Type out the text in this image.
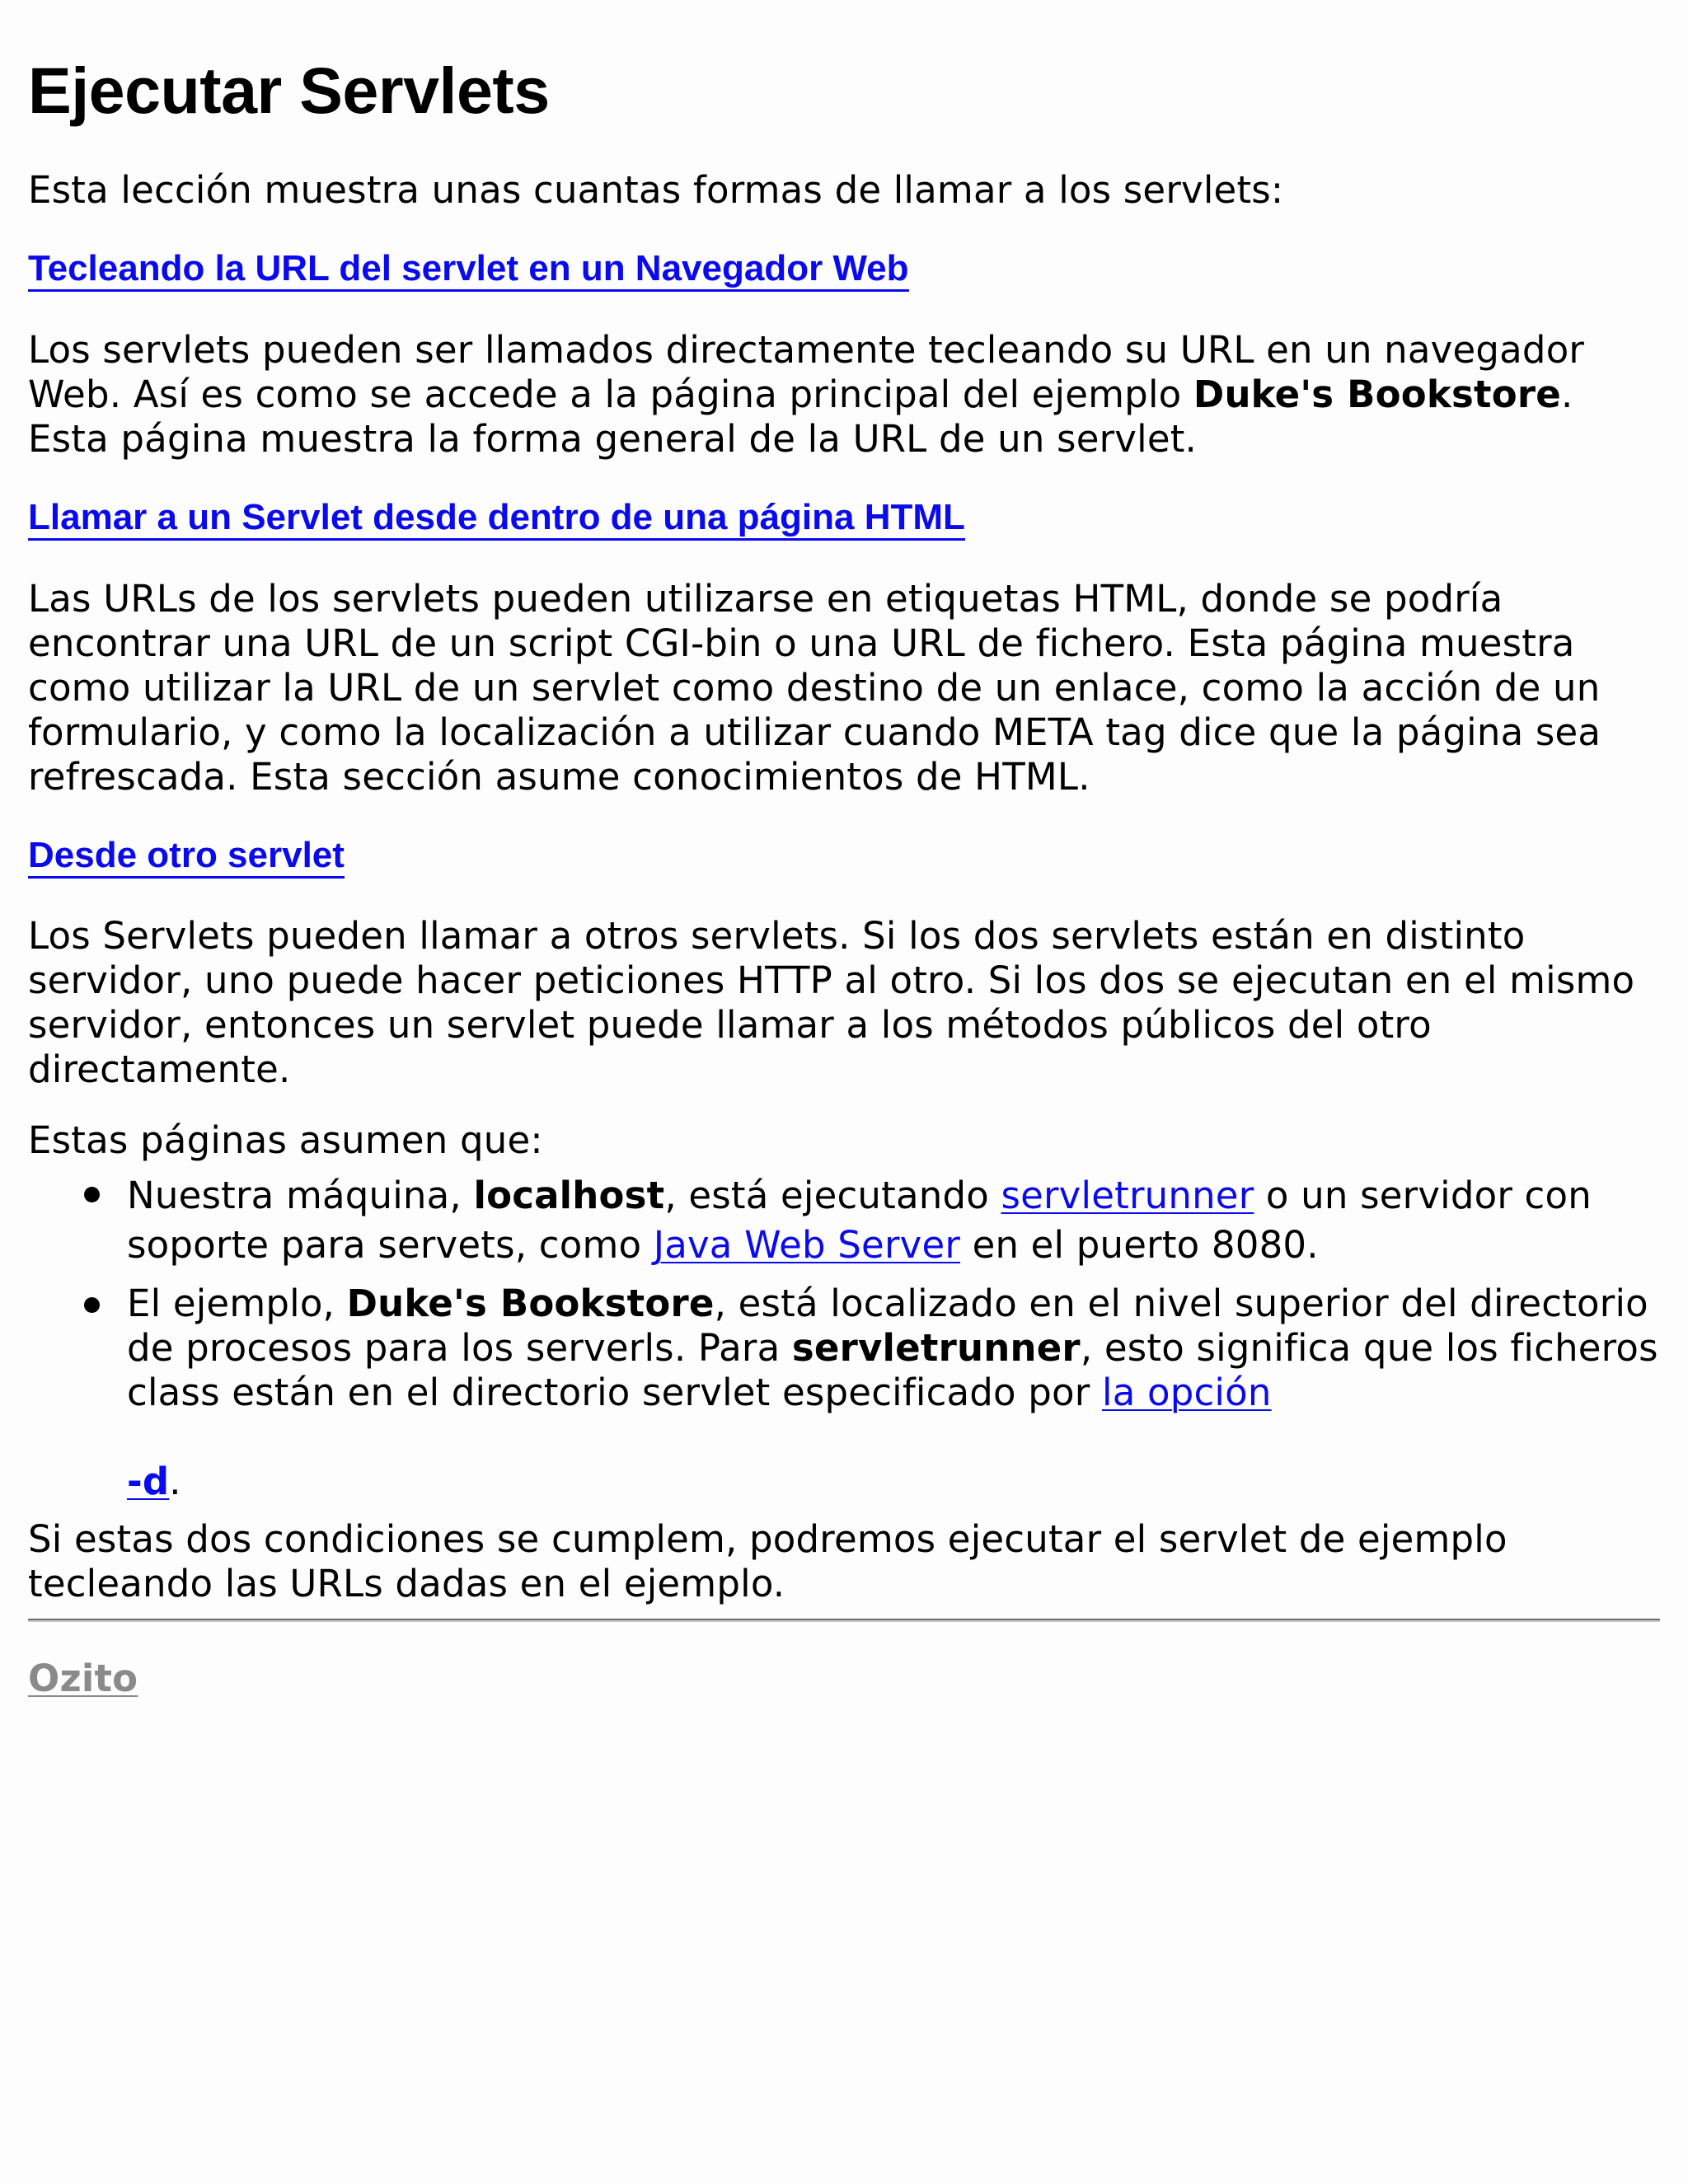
Ejecutar Servlets

Esta lección muestra unas cuantas formas de llamar a los servlets:

Tecleando la URL del servlet en un Navegador Web

Los servlets pueden ser llamados directamente tecleando su URL en un navegador Web. Así es como se accede a la página principal del ejemplo Duke's Bookstore. Esta página muestra la forma general de la URL de un servlet.

Llamar a un Servlet desde dentro de una página HTML

Las URLs de los servlets pueden utilizarse en etiquetas HTML, donde se podría encontrar una URL de un script CGI-bin o una URL de fichero. Esta página muestra como utilizar la URL de un servlet como destino de un enlace, como la acción de un formulario, y como la localización a utilizar cuando META tag dice que la página sea refrescada. Esta sección asume conocimientos de HTML.

Desde otro servlet

Los Servlets pueden llamar a otros servlets. Si los dos servlets están en distinto servidor, uno puede hacer peticiones HTTP al otro. Si los dos se ejecutan en el mismo servidor, entonces un servlet puede llamar a los métodos públicos del otro directamente.

Estas páginas asumen que:

Nuestra máquina, localhost, está ejecutando servletrunner o un servidor con soporte para servets, como Java Web Server en el puerto 8080.
El ejemplo, Duke's Bookstore, está localizado en el nivel superior del directorio de procesos para los serverls. Para servletrunner, esto significa que los ficheros class están en el directorio servlet especificado por la opción-d.

Si estas dos condiciones se cumplem, podremos ejecutar el servlet de ejemplo tecleando las URLs dadas en el ejemplo.

Ozito
